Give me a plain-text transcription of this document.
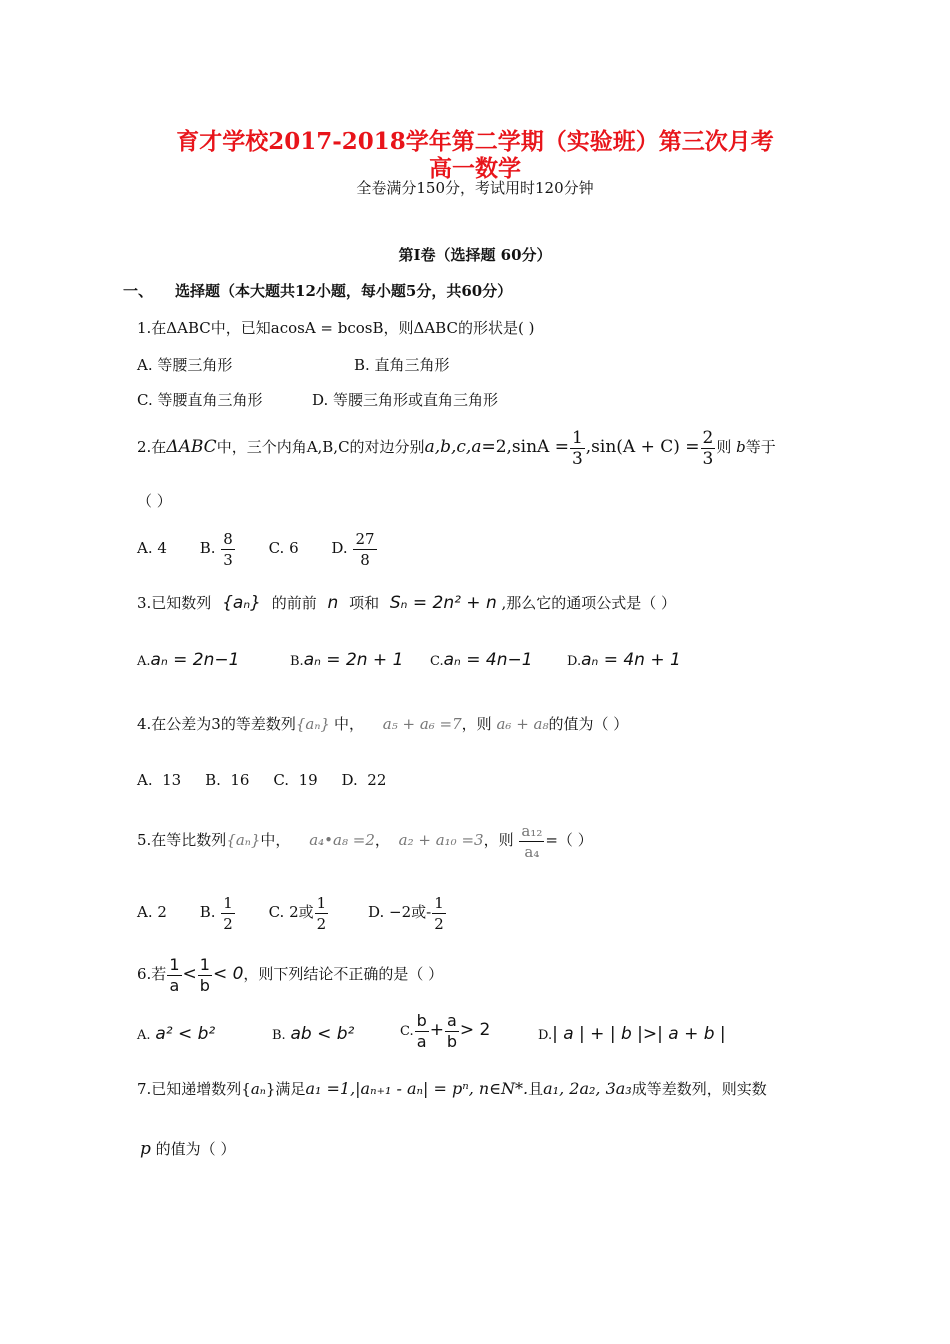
育才学校2017-2018学年第二学期（实验班）第三次月考
高一数学
全卷满分150分，考试用时120分钟
第I卷（选择题 60分）
一、 选择题（本大题共12小题，每小题5分，共60分）
1.在ΔABC中，已知acosA = bcosB，则ΔABC的形状是( )
A. 等腰三角形	B. 直角三角形
C. 等腰直角三角形	D. 等腰三角形或直角三角形
2.在ΔABC中，三个内角A,B,C的对边分别$a,b,c,a=2,\sin A = \frac{1}{3} ,\sin(A + C) = \frac{2}{3}$ 则 b等于
（ ）
A. 4 B. $\frac{8}{3} C$. 6 D. $\frac{27}{8}$
3.已知数列 {aₙ} 的前前 n 项和 Sₙ = 2n² + n ,那么它的通项公式是（ ）
A.aₙ = 2n−1	B.aₙ = 2n + 1 C.aₙ = 4n−1	D.aₙ = 4n + 1
4.在公差为3的等差数列{aₙ} 中， a₅ + a₆ =7，则 a₆ + a₈的值为（ ）
A.  13     B.  16     C.  19     D.  22
5.在等比数列{aₙ}中， a₄•a₈ =2， a₂ + a₁₀ =3，则 $\frac{\text{a₁₂}}{\text{a₄}}$ =（ ）
A. 2 B. $\frac{1}{2} C$. 2或 $\frac{1}{2}$	D. −2或- $\frac{1}{2}$
6.若 $\frac{1}{a} < \frac{1}{b} < 0$，则下列结论不正确的是（ ）
A. a² < b²	B. ab < b²	C. $\frac{b}{a} + \frac{a}{b} > 2$	D.| a | + | b |>| a + b |
7.已知递增数列{aₙ}满足a₁ =1,|aₙ₊₁ - aₙ| = pⁿ, n∈N*.且a₁, 2a₂, 3a₃成等差数列，则实数
p 的值为（ ）
